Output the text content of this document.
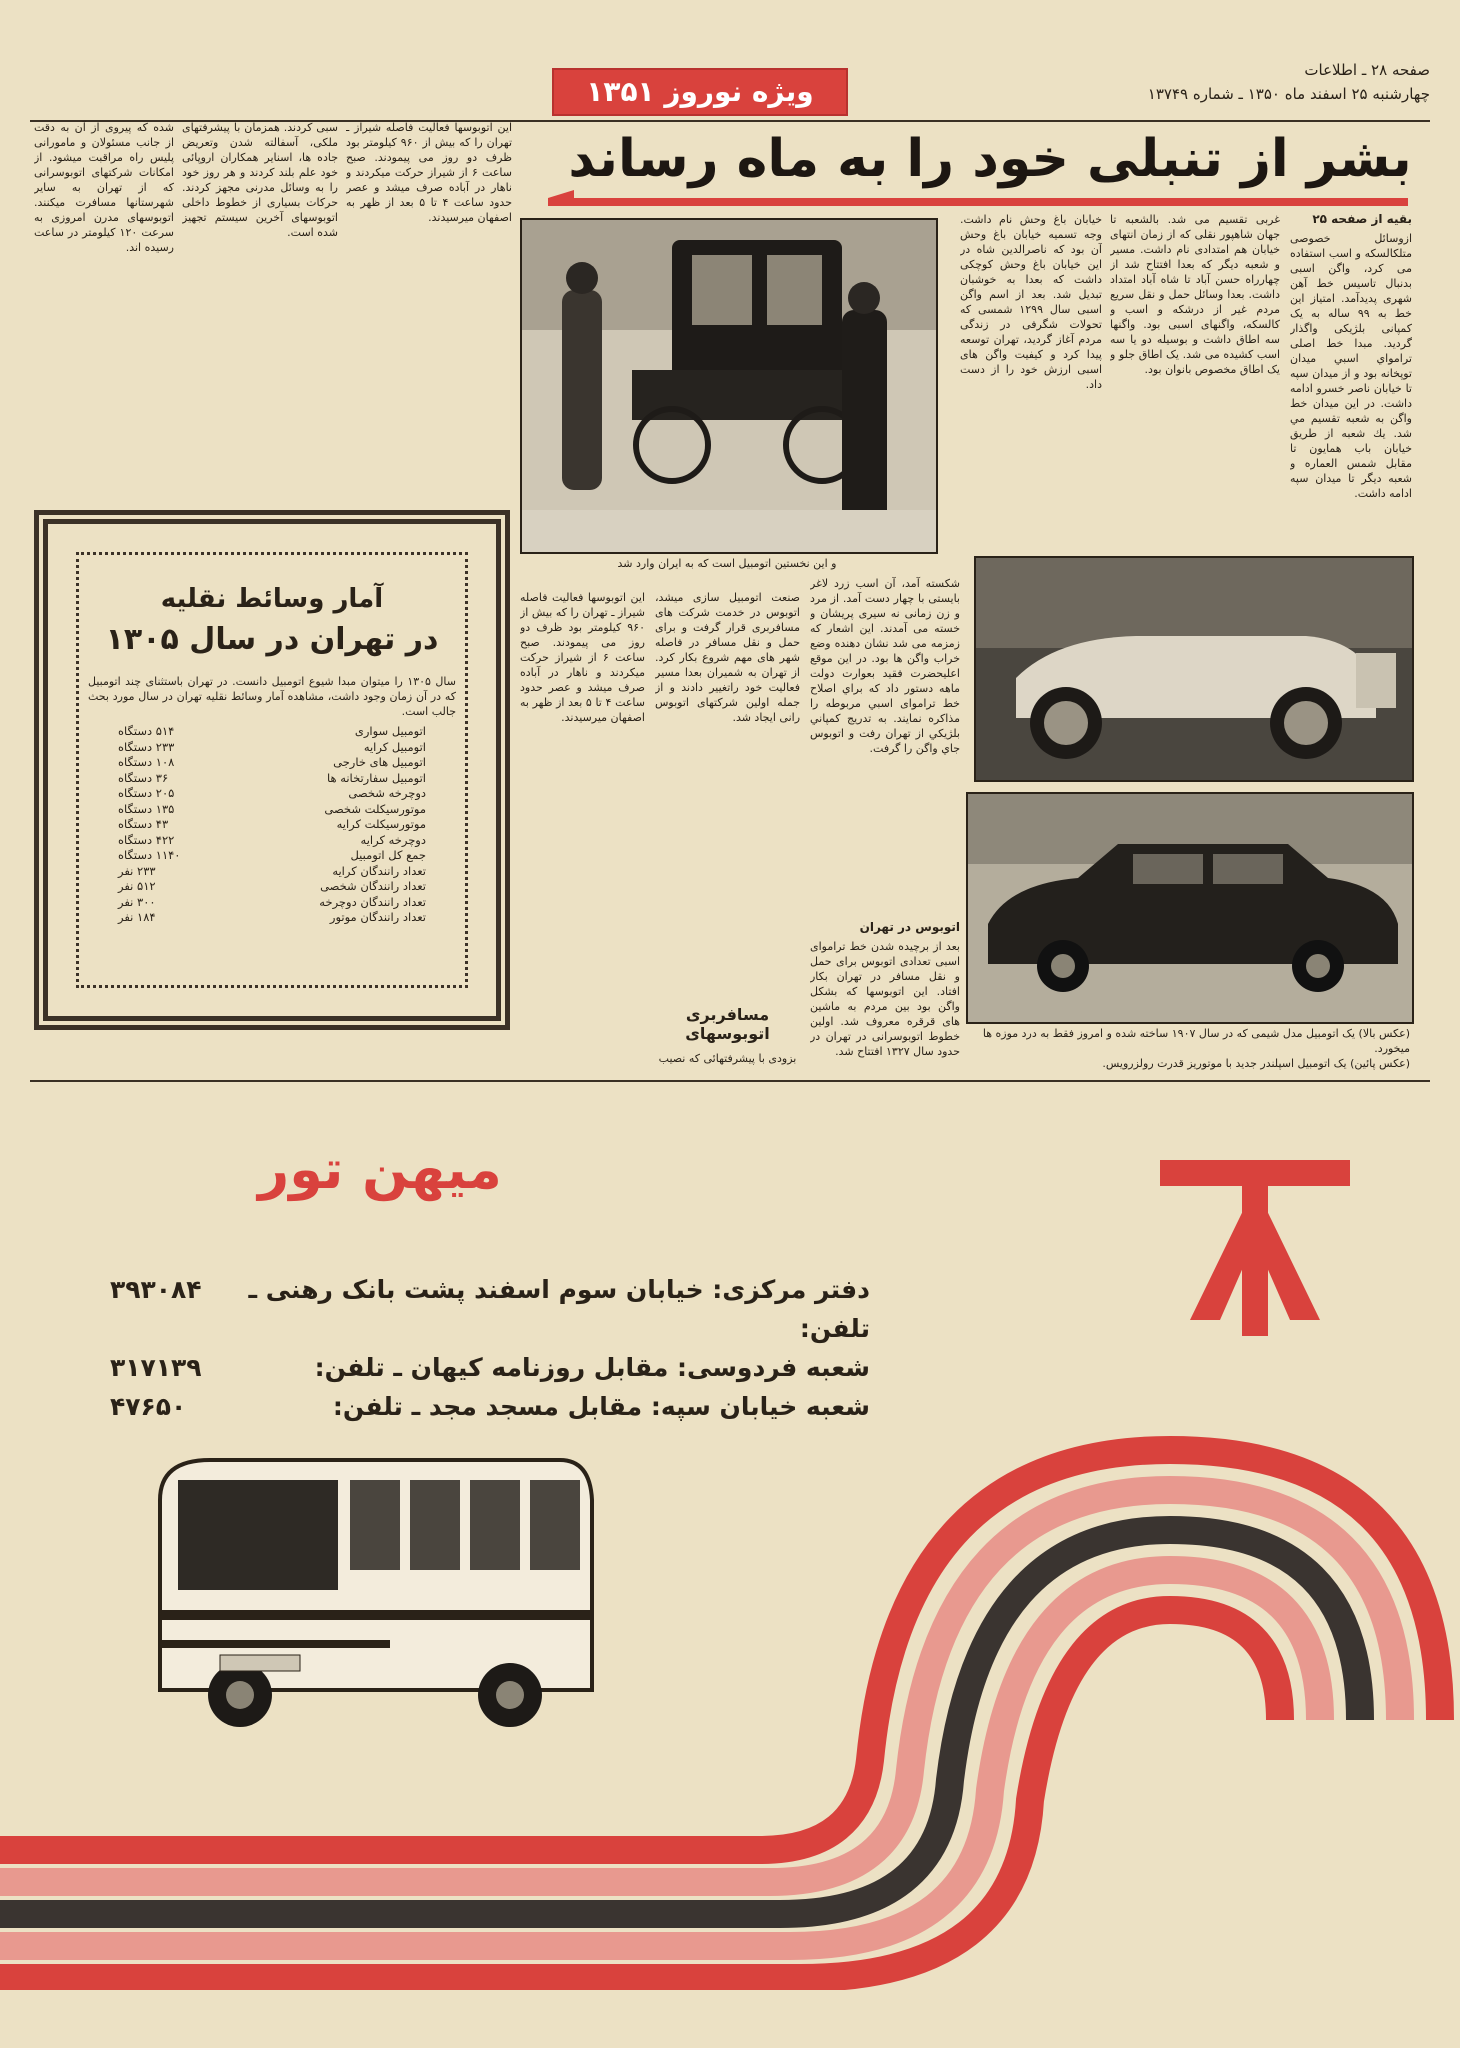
صفحه ۲۸ ـ اطلاعات
چهارشنبه ۲۵ اسفند ماه ۱۳۵۰ ـ شماره ۱۳۷۴۹
ویژه نوروز ۱۳۵۱
بشر از تنبلی خود را به ماه رساند

بقیه از صفحه ۲۵

ازوسائل خصوصی متلکالسکه و اسب استفاده می کرد، واگن اسبی بدنبال تاسیس خط آهن شهری پدیدآمد. امتیاز این خط به ۹۹ ساله به یک کمپانی بلژیکی واگذار گردید. مبدا خط اصلی ترامواي اسبي ميدان توپخانه بود و از ميدان سپه تا خيابان ناصر خسرو ادامه داشت. در اين ميدان خط واگن به شعبه تقسيم مي شد. يك شعبه از طريق خيابان باب همايون تا مقابل شمس العماره و شعبه ديگر تا ميدان سپه ادامه داشت.

غربی تقسیم می شد. بالشعبه تا جهان شاهپور نقلی که از زمان انتهای خیابان هم امتدادی نام داشت. مسیر و شعبه دیگر که بعدا افتتاح شد از چهارراه حسن آباد تا شاه آباد امتداد داشت. بعدا وسائل حمل و نقل سریع مردم غیر از درشکه و اسب و کالسکه، واگنهای اسبی بود. واگنها سه اطاق داشت و بوسیله دو یا سه اسب کشیده می شد. یک اطاق جلو و یک اطاق مخصوص بانوان بود.

خیابان باغ وحش نام داشت. وجه تسمیه خیابان باغ وحش آن بود که ناصرالدین شاه در این خیابان باغ وحش کوچکی داشت که بعدا به خوشبان تبدیل شد. بعد از اسم واگن اسبی سال ۱۲۹۹ شمسی که تحولات شگرفی در زندگی مردم آغاز گردید، تهران توسعه پیدا کرد و کیفیت واگن های اسبی ارزش خود را از دست داد.

و این نخستین اتومبیل است که به ایران وارد شد

این اتوبوسها فعالیت فاصله شیراز ـ تهران را که بیش از ۹۶۰ کیلومتر بود ظرف دو روز می پیمودند. صبح ساعت ۶ از شیراز حرکت میکردند و ناهار در آباده صرف میشد و عصر حدود ساعت ۴ تا ۵ بعد از ظهر به اصفهان میرسیدند.

سبی کردند. همزمان با پیشرفتهای ملکی، آسفالته شدن وتعریض جاده ها، اسنایر همکاران اروپائی خود علم بلند کردند و هر روز خود را به وسائل مدرنی مجهز کردند. حرکات بسیاری از خطوط داخلی اتوبوسهای آخرین سیستم تجهیز شده است.

شده که پیروی از آن به دقت از جانب مسئولان و مامورانی پلیس راه مراقبت میشود. از امکانات شرکتهای اتوبوسرانی که از تهران به سایر شهرستانها مسافرت میکنند. اتوبوسهای مدرن امروزی به سرعت ۱۲۰ کیلومتر در ساعت رسیده اند.

آمار وسائط نقلیه
در تهران در سال ۱۳۰۵
سال ۱۳۰۵ را میتوان مبدا شیوع اتومبیل دانست. در تهران باستثنای چند اتومبیل که در آن زمان وجود داشت، مشاهده آمار وسائط نقلیه تهران در سال مورد بحث جالب است.
اتومبیل سواری
۵۱۴ دستگاه
اتومبیل کرایه
۲۳۳ دستگاه
اتومبیل های خارجی
۱۰۸ دستگاه
اتومبیل سفارتخانه ها
۳۶ دستگاه
دوچرخه شخصی
۲۰۵ دستگاه
موتورسیکلت شخصی
۱۳۵ دستگاه
موتورسیکلت کرایه
۴۳ دستگاه
دوچرخه کرایه
۴۲۲ دستگاه
جمع کل اتومبیل
۱۱۴۰ دستگاه
تعداد رانندگان کرایه
۲۳۳ نفر
تعداد رانندگان شخصی
۵۱۲ نفر
تعداد رانندگان دوچرخه
۳۰۰ نفر
تعداد رانندگان موتور
۱۸۴ نفر

شکسته آمد، آن اسب زرد لاغر بایستی با چهار دست آمد. از مرد و زن زمانی نه سیری پریشان و خسته می آمدند. این اشعار که زمزمه می شد نشان دهنده وضع خراب واگن ها بود. در اين موقع اعليحضرت فقيد بعوارت دولت ماهه دستور داد که براي اصلاح خط تراموای اسبي مربوطه را مذاكره نمايند. به تدريج كمپاني بلژيكي از تهران رفت و اتوبوس جاي واگن را گرفت.

صنعت اتومبیل سازی میشد، اتوبوس در خدمت شرکت های مسافربری قرار گرفت و برای حمل و نقل مسافر در فاصله شهر های مهم شروع بکار کرد. از تهران به شمیران بعدا مسیر فعالیت خود راتغییر دادند و از جمله اولین شرکتهای اتوبوس رانی ایجاد شد.

این اتوبوسها فعالیت فاصله شیراز ـ تهران را که بیش از ۹۶۰ کیلومتر بود ظرف دو روز می پیمودند. صبح ساعت ۶ از شیراز حرکت میکردند و ناهار در آباده صرف میشد و عصر حدود ساعت ۴ تا ۵ بعد از ظهر به اصفهان میرسیدند.

اتوبوس در تهران

بعد از برچیده شدن خط تراموای اسبی تعدادی اتوبوس برای حمل و نقل مسافر در تهران بکار افتاد. این اتوبوسها که بشکل واگن بود بین مردم به ماشین های قرقره معروف شد. اولین خطوط اتوبوسرانی در تهران در حدود سال ۱۳۲۷ افتتاح شد.

مسافربری اتوبوسهای
بزودی با پیشرفتهائی که نصیب
(عکس بالا) یک اتومبیل مدل شیمی که در سال ۱۹۰۷ ساخته شده و امروز فقط به درد موزه ها میخورد.
(عکس پائین) یک اتومبیل اسپلندر جدید با موتوریز قدرت رولزرویس.
میهن تور
دفتر مرکزی: خیابان سوم اسفند پشت بانک رهنی ـ تلفن:
۳۹۳۰۸۴
شعبه فردوسی: مقابل روزنامه کیهان ـ تلفن:
۳۱۷۱۳۹
شعبه خیابان سپه: مقابل مسجد مجد ـ تلفن:
۴۷۶۵۰
